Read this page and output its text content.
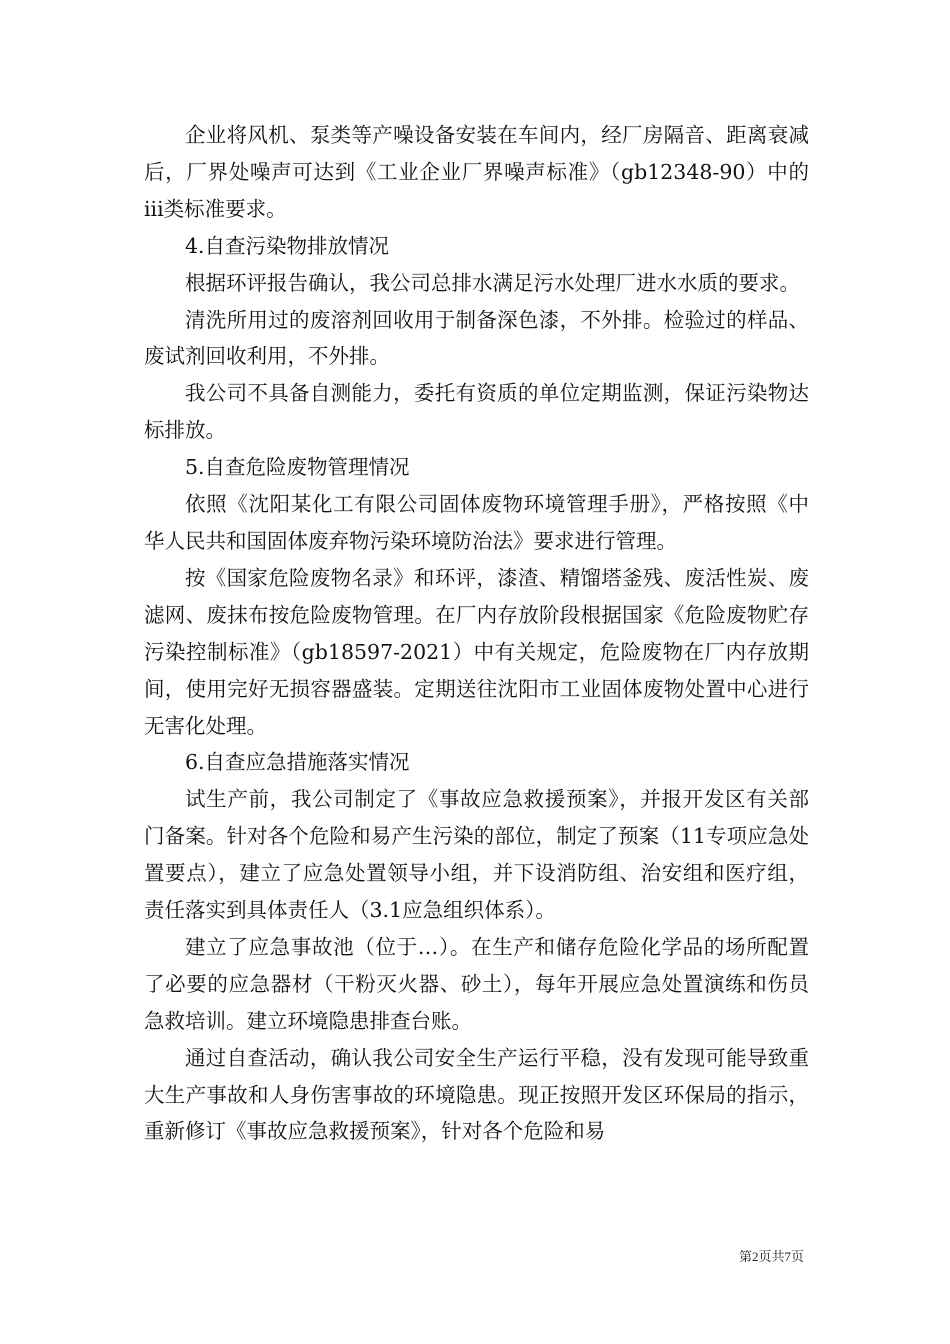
企业将风机、泵类等产噪设备安装在车间内，经厂房隔音、距离衰减后，厂界处噪声可达到《工业企业厂界噪声标准》（gb12348-90）中的iii类标准要求。

4.自查污染物排放情况

根据环评报告确认，我公司总排水满足污水处理厂进水水质的要求。

清洗所用过的废溶剂回收用于制备深色漆，不外排。检验过的样品、废试剂回收利用，不外排。

我公司不具备自测能力，委托有资质的单位定期监测，保证污染物达标排放。

5.自查危险废物管理情况

依照《沈阳某化工有限公司固体废物环境管理手册》，严格按照《中华人民共和国固体废弃物污染环境防治法》要求进行管理。

按《国家危险废物名录》和环评，漆渣、精馏塔釜残、废活性炭、废滤网、废抹布按危险废物管理。在厂内存放阶段根据国家《危险废物贮存污染控制标准》（gb18597-2021）中有关规定，危险废物在厂内存放期间，使用完好无损容器盛装。定期送往沈阳市工业固体废物处置中心进行无害化处理。

6.自查应急措施落实情况

试生产前，我公司制定了《事故应急救援预案》，并报开发区有关部门备案。针对各个危险和易产生污染的部位，制定了预案（11专项应急处置要点），建立了应急处置领导小组，并下设消防组、治安组和医疗组，责任落实到具体责任人（3.1应急组织体系）。

建立了应急事故池（位于…）。在生产和储存危险化学品的场所配置了必要的应急器材（干粉灭火器、砂土），每年开展应急处置演练和伤员急救培训。建立环境隐患排查台账。

通过自查活动，确认我公司安全生产运行平稳，没有发现可能导致重大生产事故和人身伤害事故的环境隐患。现正按照开发区环保局的指示，重新修订《事故应急救援预案》，针对各个危险和易

第2页共7页
